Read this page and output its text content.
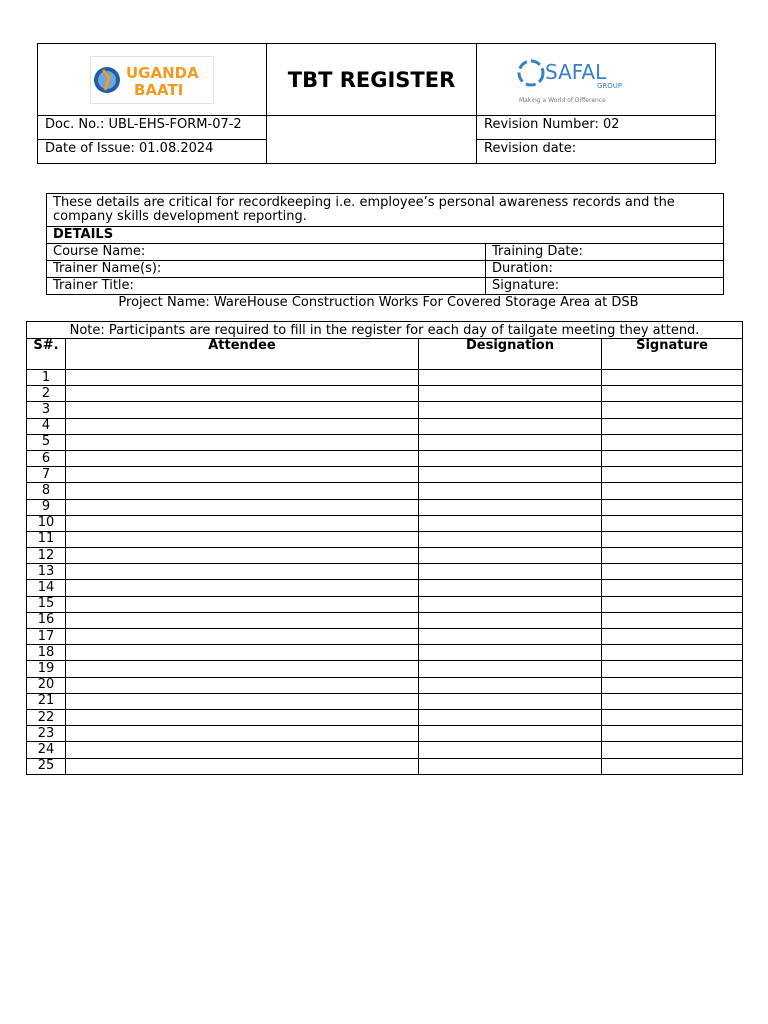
UGANDA
BAATI	TBT REGISTER	SAFAL
GROUP
Making a World of Difference

Doc. No.: UBL-EHS-FORM-07-2		Revision Number: 02
Date of Issue: 01.08.2024		Revision date:
These details are critical for recordkeeping i.e. employee’s personal awareness records and the company skills development reporting.	
DETAILS	
Course Name:	Training Date:
Trainer Name(s):	Duration:
Trainer Title:	Signature:
Project Name: WareHouse Construction Works For Covered Storage Area at DSB
Note: Participants are required to fill in the register for each day of tailgate meeting they attend.			
S#.	Attendee	Designation	Signature
1			
2			
3			
4			
5			
6			
7			
8			
9			
10			
11			
12			
13			
14			
15			
16			
17			
18			
19			
20			
21			
22			
23			
24			
25			
